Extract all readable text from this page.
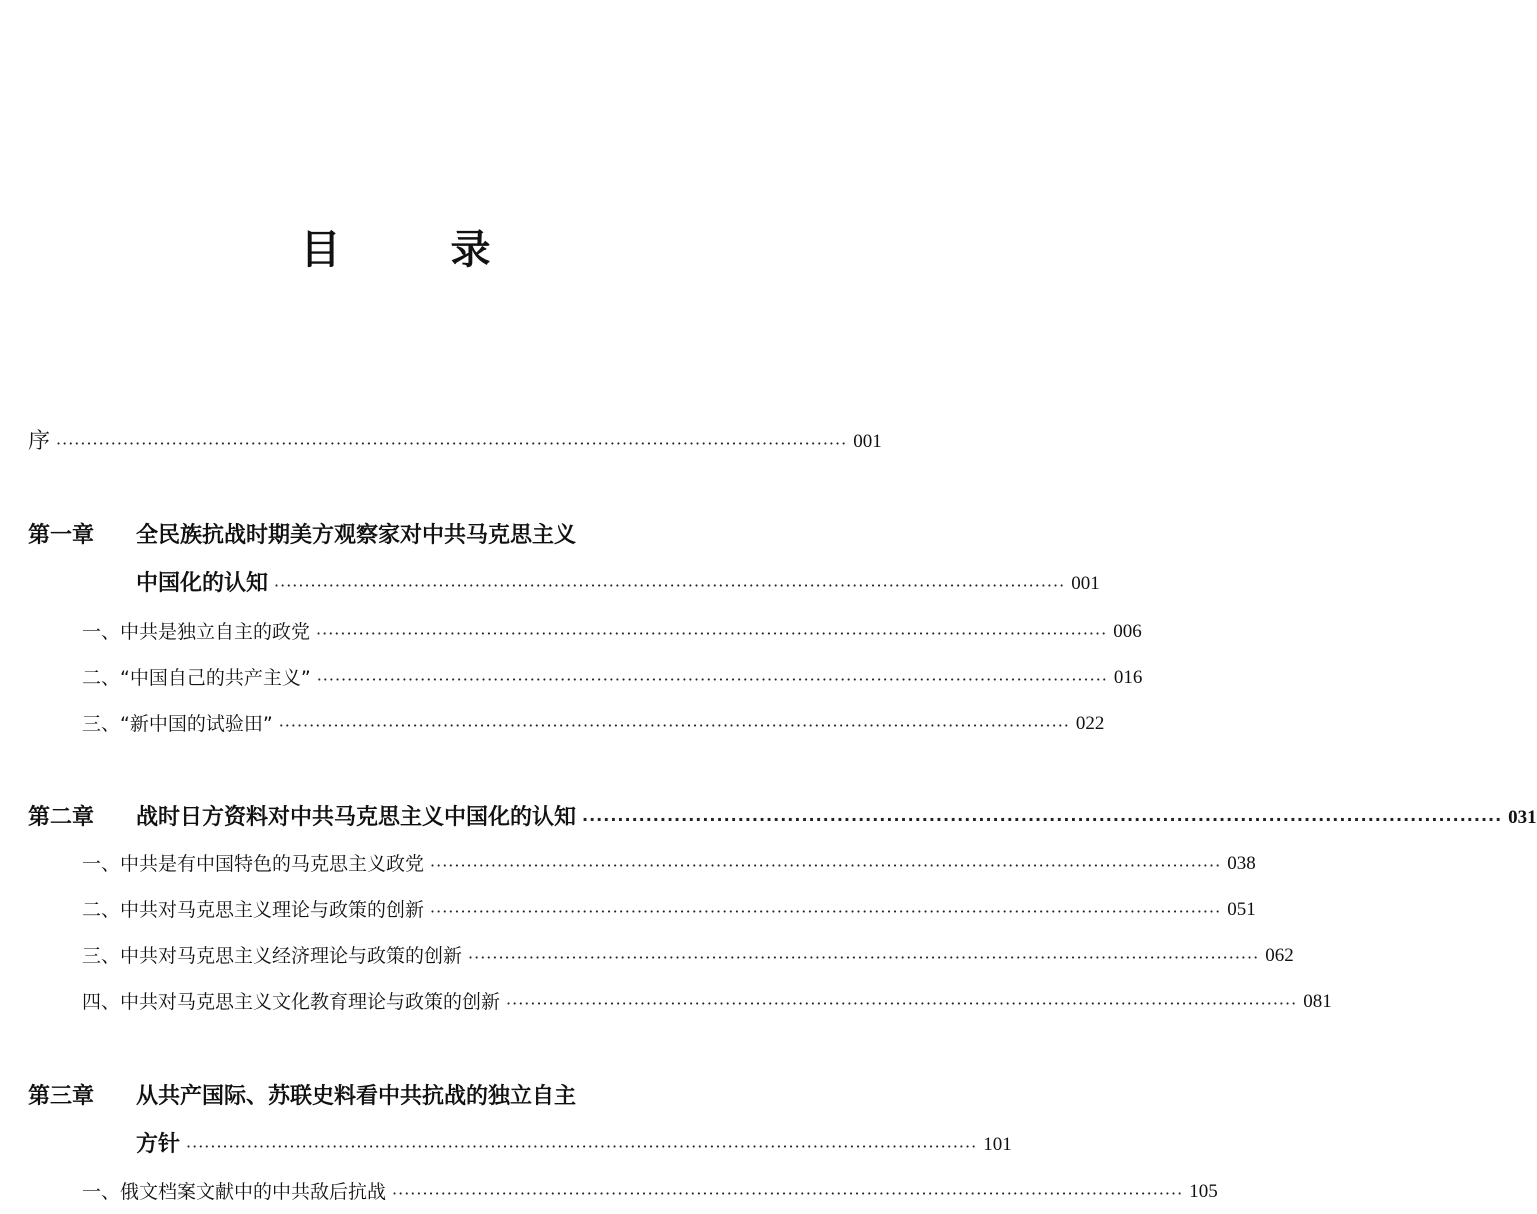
目	录
序 ·································································································································· 001
第一章 全民族抗战时期美方观察家对中共马克思主义
中国化的认知 ·································································································································· 001
一、中共是独立自主的政党 ·································································································································· 006
二、“中国自己的共产主义” ·································································································································· 016
三、“新中国的试验田” ·································································································································· 022
第二章 战时日方资料对中共马克思主义中国化的认知 ·································································································································· 031
一、中共是有中国特色的马克思主义政党 ·································································································································· 038
二、中共对马克思主义理论与政策的创新 ·································································································································· 051
三、中共对马克思主义经济理论与政策的创新 ·································································································································· 062
四、中共对马克思主义文化教育理论与政策的创新 ·································································································································· 081
第三章 从共产国际、苏联史料看中共抗战的独立自主
方针 ·································································································································· 101
一、俄文档案文献中的中共敌后抗战 ·································································································································· 105
